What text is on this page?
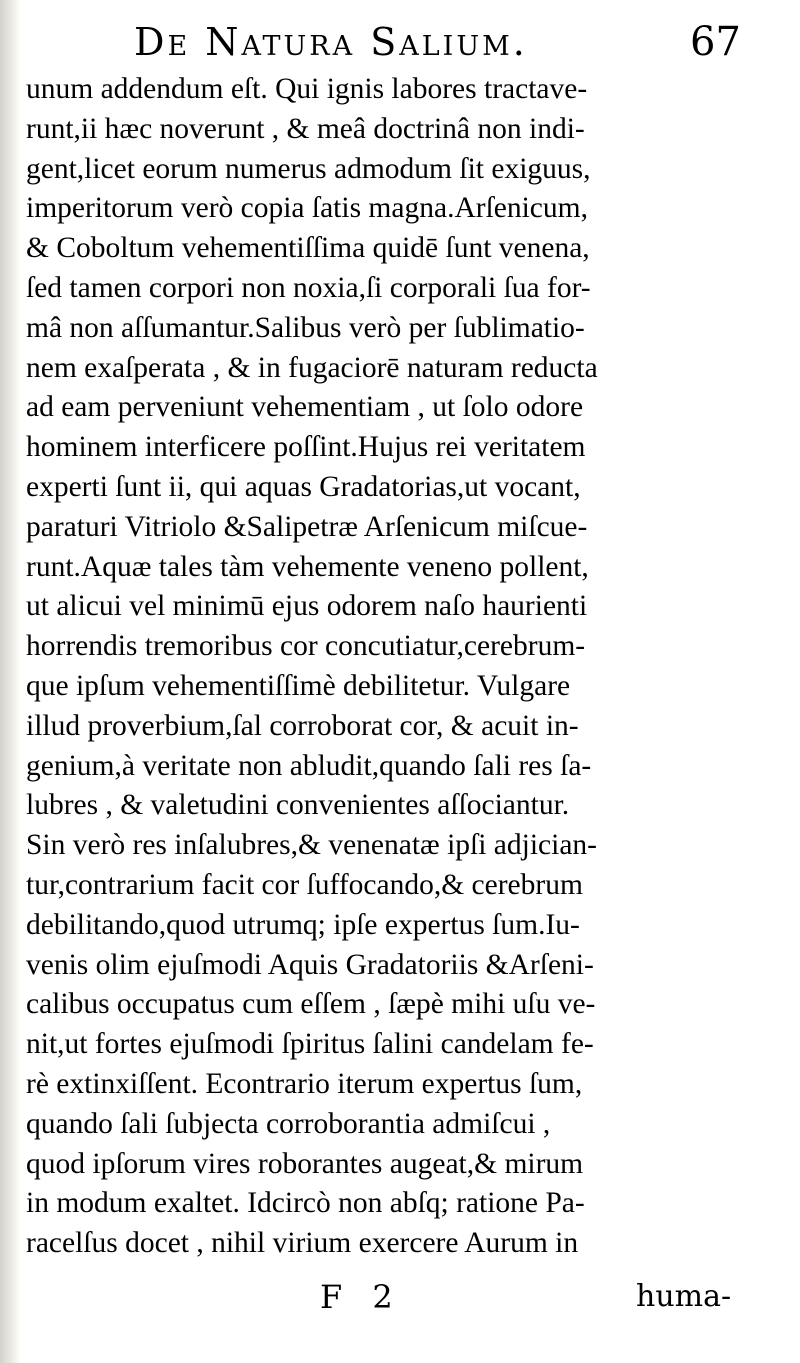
De Natura Salium.	67
unum addendum eſt. Qui ignis labores tractave-
runt,ii hæc noverunt , & meâ doctrinâ non indi-
gent,licet eorum numerus admodum ſit exiguus,
imperitorum verò copia ſatis magna.Arſenicum,
& Coboltum vehementiſſima quidē ſunt venena,
ſed tamen corpori non noxia,ſi corporali ſua for-
mâ non aſſumantur.Salibus verò per ſublimatio-
nem exaſperata , & in fugaciorē naturam reducta
ad eam perveniunt vehementiam , ut ſolo odore
hominem interficere poſſint.Hujus rei veritatem
experti ſunt ii, qui aquas Gradatorias,ut vocant,
paraturi Vitriolo &Salipetræ Arſenicum miſcue-
runt.Aquæ tales tàm vehemente veneno pollent,
ut alicui vel minimū ejus odorem naſo haurienti
horrendis tremoribus cor concutiatur,cerebrum-
que ipſum vehementiſſimè debilitetur. Vulgare
illud proverbium,ſal corroborat cor, & acuit in-
genium,à veritate non abludit,quando ſali res ſa-
lubres , & valetudini convenientes aſſociantur.
Sin verò res inſalubres,& venenatæ ipſi adjician-
tur,contrarium facit cor ſuffocando,& cerebrum
debilitando,quod utrumq; ipſe expertus ſum.Iu-
venis olim ejuſmodi Aquis Gradatoriis &Arſeni-
calibus occupatus cum eſſem , ſæpè mihi uſu ve-
nit,ut fortes ejuſmodi ſpiritus ſalini candelam fe-
rè extinxiſſent. Econtrario iterum expertus ſum,
quando ſali ſubjecta corroborantia admiſcui ,
quod ipſorum vires roborantes augeat,& mirum
in modum exaltet. Idcircò non abſq; ratione Pa-
racelſus docet , nihil virium exercere Aurum in
F 2	huma-
